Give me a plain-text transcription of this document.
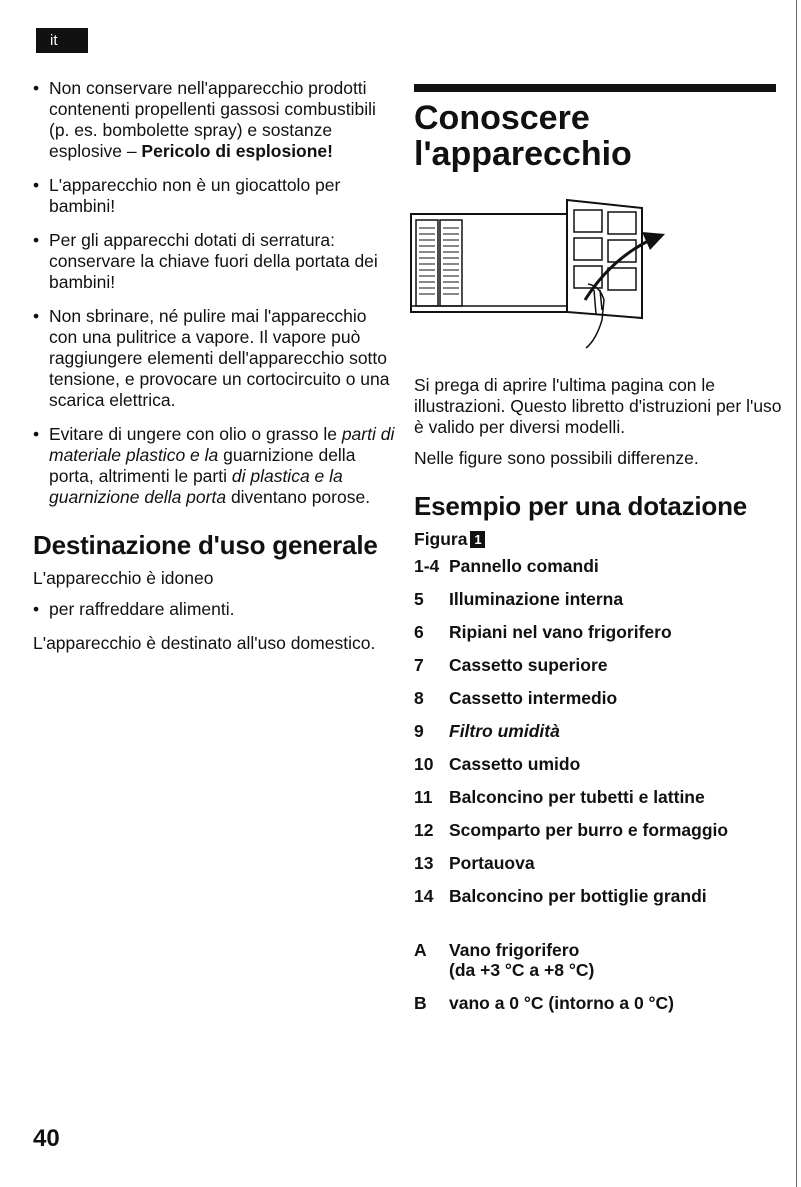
it
• Non conservare nell'apparecchio prodotti contenenti propellenti gassosi combustibili (p. es. bombolette spray) e sostanze esplosive – Pericolo di esplosione!
• L'apparecchio non è un giocattolo per bambini!
• Per gli apparecchi dotati di serratura: conservare la chiave fuori della portata dei bambini!
• Non sbrinare, né pulire mai l'apparecchio con una pulitrice a vapore. Il vapore può raggiungere elementi dell'apparecchio sotto tensione, e provocare un cortocircuito o una scarica elettrica.
• Evitare di ungere con olio o grasso le parti di materiale plastico e la guarnizione della porta, altrimenti le parti di plastica e la guarnizione della porta diventano porose.
Destinazione d'uso generale

L'apparecchio è idoneo

• per raffreddare alimenti.

L'apparecchio è destinato all'uso domestico.

Conoscere
l'apparecchio

Si prega di aprire l'ultima pagina con le illustrazioni. Questo libretto d'istruzioni per l'uso è valido per diversi modelli.

Nelle figure sono possibili differenze.

Esempio per una dotazione
Figura 1
1-4 Pannello comandi
5	Illuminazione interna
6	Ripiani nel vano frigorifero
7	Cassetto superiore
8	Cassetto intermedio
9	Filtro umidità
10 Cassetto umido
11 Balconcino per tubetti e lattine
12 Scomparto per burro e formaggio
13 Portauova
14 Balconcino per bottiglie grandi
A	Vano frigorifero
(da +3 °C a +8 °C)
B	vano a 0 °C (intorno a 0 °C)
40
